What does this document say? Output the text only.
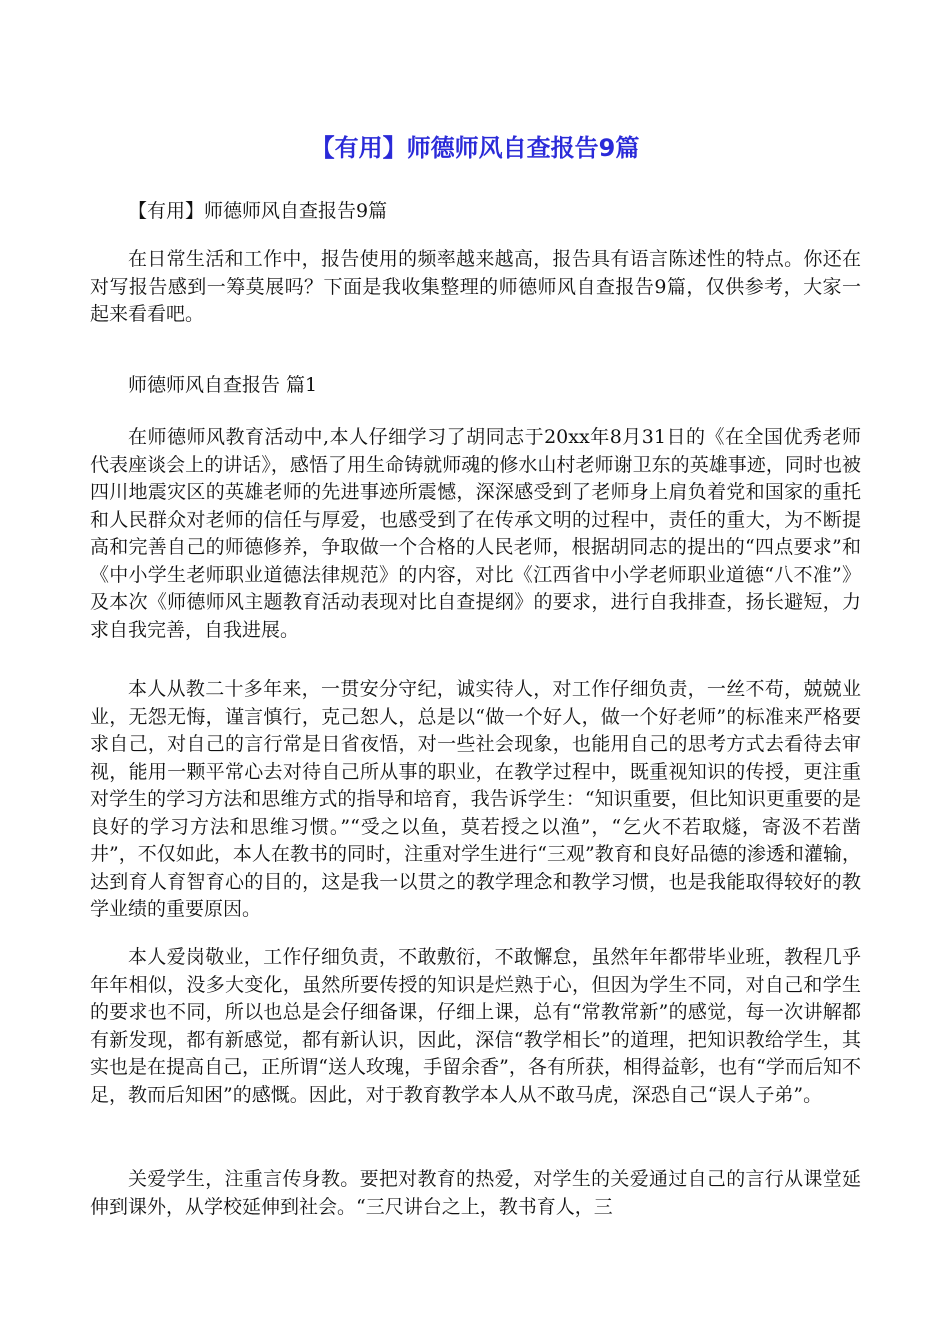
【有用】师德师风自查报告9篇

【有用】师德师风自查报告9篇

在日常生活和工作中，报告使用的频率越来越高，报告具有语言陈述性的特点。你还在对写报告感到一筹莫展吗？下面是我收集整理的师德师风自查报告9篇，仅供参考，大家一起来看看吧。

师德师风自查报告 篇1

在师德师风教育活动中,本人仔细学习了胡同志于20xx年8月31日的《在全国优秀老师代表座谈会上的讲话》，感悟了用生命铸就师魂的修水山村老师谢卫东的英雄事迹，同时也被四川地震灾区的英雄老师的先进事迹所震憾，深深感受到了老师身上肩负着党和国家的重托和人民群众对老师的信任与厚爱，也感受到了在传承文明的过程中，责任的重大，为不断提高和完善自己的师德修养，争取做一个合格的人民老师，根据胡同志的提出的“四点要求”和《中小学生老师职业道德法律规范》的内容，对比《江西省中小学老师职业道德“八不准”》及本次《师德师风主题教育活动表现对比自查提纲》的要求，进行自我排查，扬长避短，力求自我完善，自我进展。

本人从教二十多年来，一贯安分守纪，诚实待人，对工作仔细负责，一丝不苟，兢兢业业，无怨无悔，谨言慎行，克己恕人，总是以“做一个好人，做一个好老师”的标准来严格要求自己，对自己的言行常是日省夜悟，对一些社会现象，也能用自己的思考方式去看待去审视，能用一颗平常心去对待自己所从事的职业，在教学过程中，既重视知识的传授，更注重对学生的学习方法和思维方式的指导和培育，我告诉学生：“知识重要，但比知识更重要的是良好的学习方法和思维习惯。”“受之以鱼，莫若授之以渔”，“乞火不若取燧，寄汲不若凿井”，不仅如此，本人在教书的同时，注重对学生进行“三观”教育和良好品德的渗透和灌输，达到育人育智育心的目的，这是我一以贯之的教学理念和教学习惯，也是我能取得较好的教学业绩的重要原因。

本人爱岗敬业，工作仔细负责，不敢敷衍，不敢懈怠，虽然年年都带毕业班，教程几乎年年相似，没多大变化，虽然所要传授的知识是烂熟于心，但因为学生不同，对自己和学生的要求也不同，所以也总是会仔细备课，仔细上课，总有“常教常新”的感觉，每一次讲解都有新发现，都有新感觉，都有新认识，因此，深信“教学相长”的道理，把知识教给学生，其实也是在提高自己，正所谓“送人玫瑰，手留余香”，各有所获，相得益彰，也有“学而后知不足，教而后知困”的感慨。因此，对于教育教学本人从不敢马虎，深恐自己“误人子弟”。

关爱学生，注重言传身教。要把对教育的热爱，对学生的关爱通过自己的言行从课堂延伸到课外，从学校延伸到社会。“三尺讲台之上，教书育人，三
